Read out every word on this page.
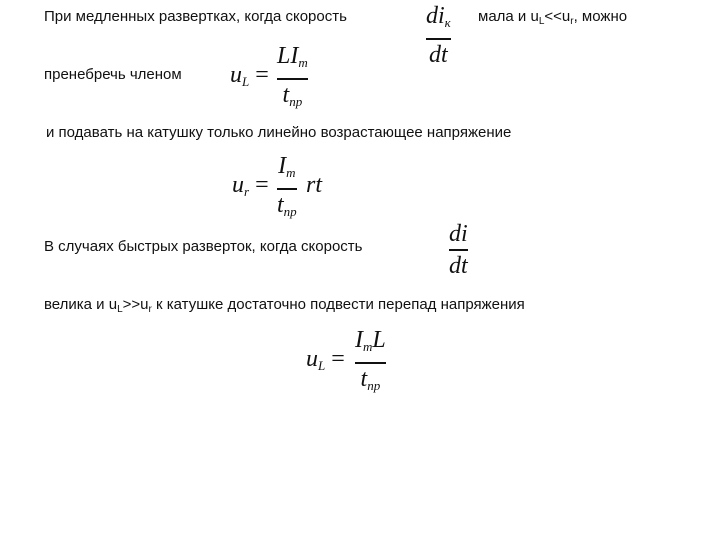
При медленных развертках, когда скорость	$di_к$
dt
мала и $u_L<<u_r$, можно
пренебречь членом $u_L$ =
$LI_m$
$t_{пр}$
и подавать на катушку только линейно возрастающее напряжение
$u_r$ =
$I_m$
$t_{пр}$
rt
В случаях быстрых разверток, когда скорость	di
dt
велика и $u_L>>u_r$ к катушке достаточно подвести перепад напряжения
$u_L$ =
$I_mL$
$t_{пр}$
